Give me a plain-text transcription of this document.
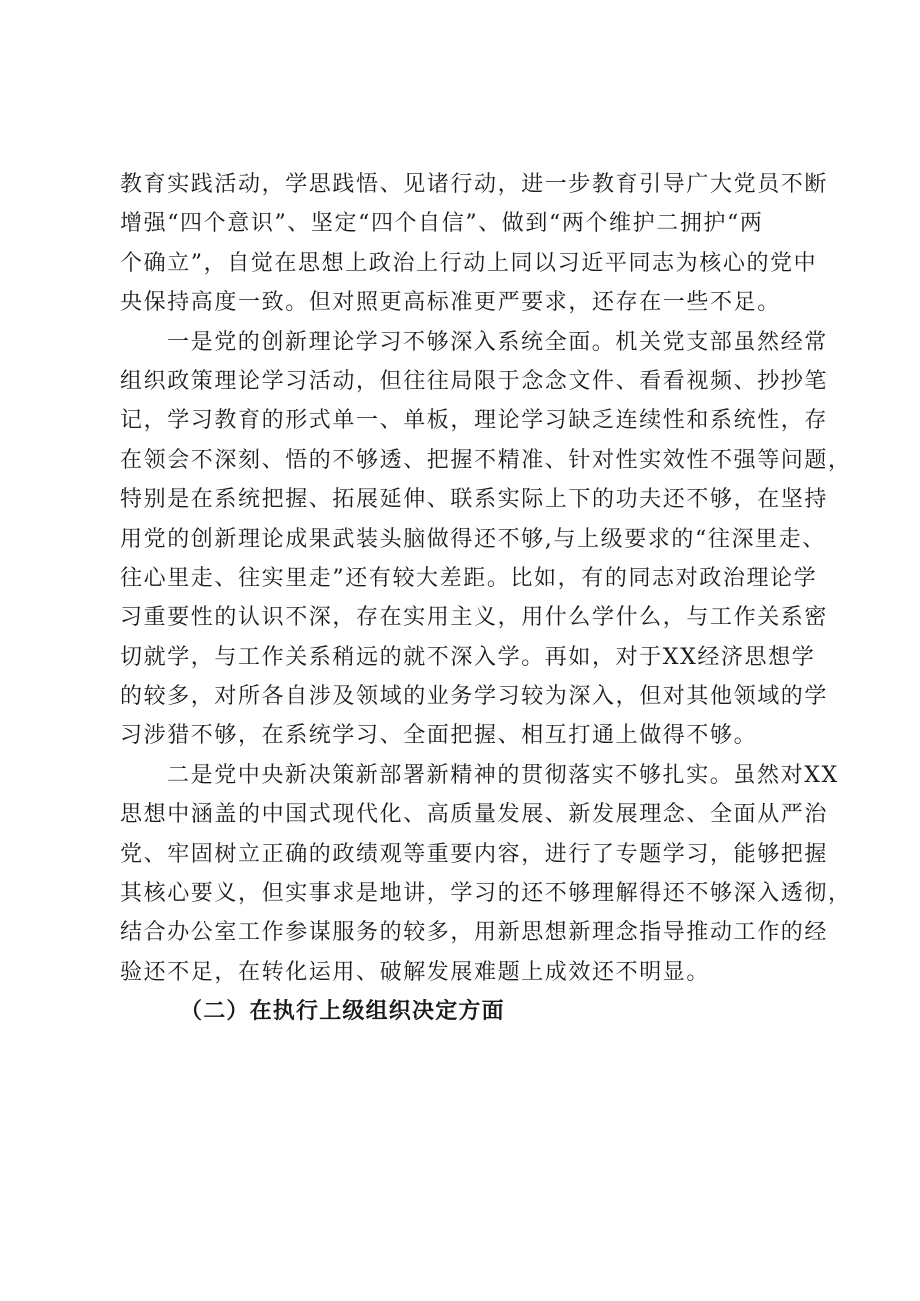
教育实践活动，学思践悟、见诸行动，进一步教育引导广大党员不断
增强“四个意识”、坚定“四个自信”、做到“两个维护二拥护“两
个确立”，自觉在思想上政治上行动上同以习近平同志为核心的党中
央保持高度一致。但对照更高标准更严要求，还存在一些不足。
一是党的创新理论学习不够深入系统全面。机关党支部虽然经常
组织政策理论学习活动，但往往局限于念念文件、看看视频、抄抄笔
记，学习教育的形式单一、单板，理论学习缺乏连续性和系统性，存
在领会不深刻、悟的不够透、把握不精准、针对性实效性不强等问题，
特别是在系统把握、拓展延伸、联系实际上下的功夫还不够，在坚持
用党的创新理论成果武装头脑做得还不够,与上级要求的“往深里走、
往心里走、往实里走”还有较大差距。比如，有的同志对政治理论学
习重要性的认识不深，存在实用主义，用什么学什么，与工作关系密
切就学，与工作关系稍远的就不深入学。再如，对于XX经济思想学
的较多，对所各自涉及领域的业务学习较为深入，但对其他领域的学
习涉猎不够，在系统学习、全面把握、相互打通上做得不够。
二是党中央新决策新部署新精神的贯彻落实不够扎实。虽然对XX
思想中涵盖的中国式现代化、高质量发展、新发展理念、全面从严治
党、牢固树立正确的政绩观等重要内容，进行了专题学习，能够把握
其核心要义，但实事求是地讲，学习的还不够理解得还不够深入透彻，
结合办公室工作参谋服务的较多，用新思想新理念指导推动工作的经
验还不足，在转化运用、破解发展难题上成效还不明显。
（二）在执行上级组织决定方面
